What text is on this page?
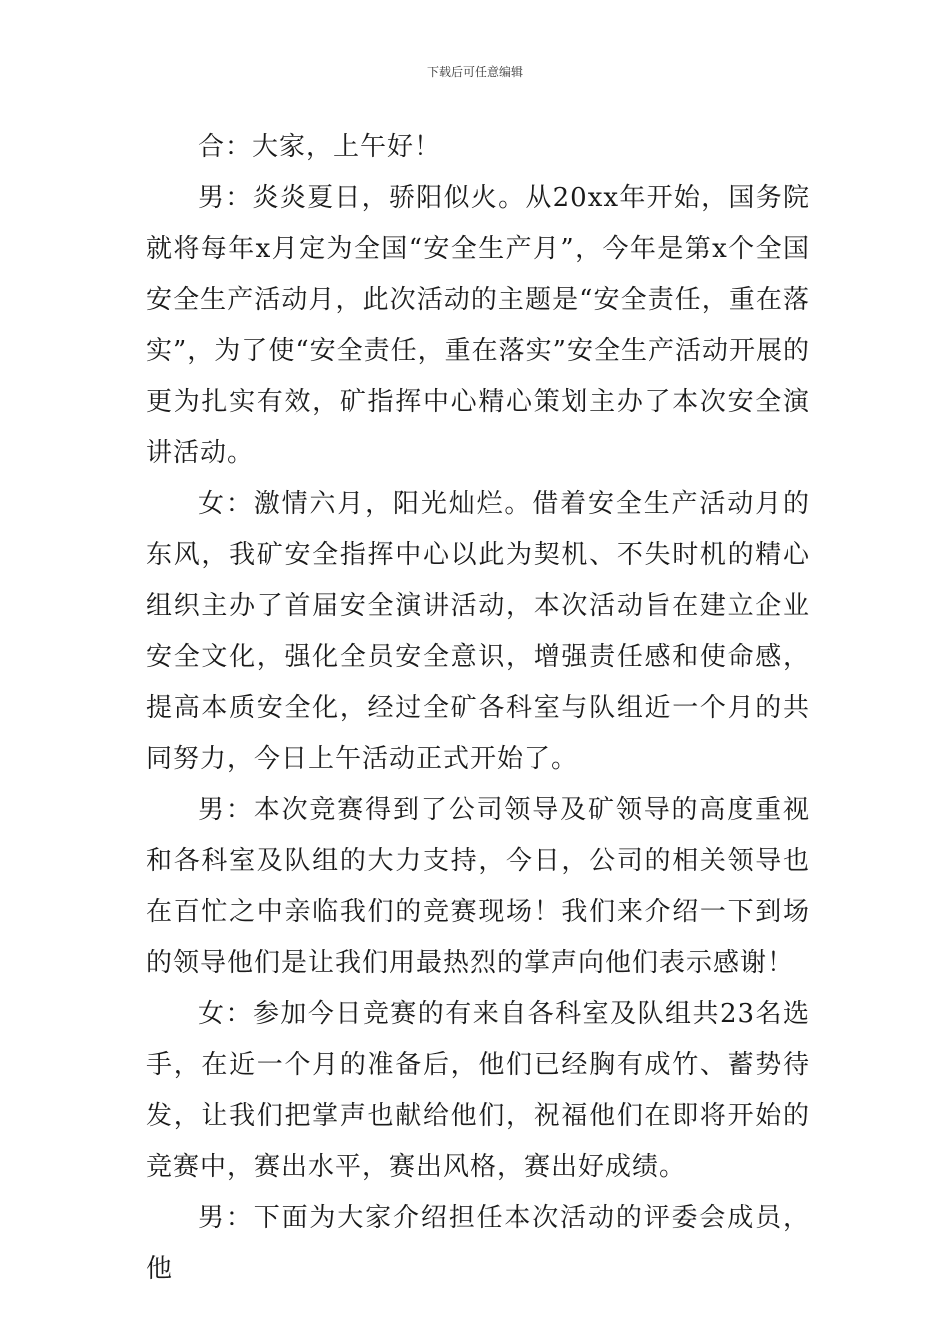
下载后可任意编辑

合：大家，上午好！

男：炎炎夏日，骄阳似火。从20xx年开始，国务院就将每年x月定为全国“安全生产月”，今年是第x个全国安全生产活动月，此次活动的主题是“安全责任，重在落实”，为了使“安全责任，重在落实”安全生产活动开展的更为扎实有效，矿指挥中心精心策划主办了本次安全演讲活动。

女：激情六月，阳光灿烂。借着安全生产活动月的东风，我矿安全指挥中心以此为契机、不失时机的精心组织主办了首届安全演讲活动，本次活动旨在建立企业安全文化，强化全员安全意识，增强责任感和使命感，提高本质安全化，经过全矿各科室与队组近一个月的共同努力，今日上午活动正式开始了。

男：本次竞赛得到了公司领导及矿领导的高度重视和各科室及队组的大力支持，今日，公司的相关领导也在百忙之中亲临我们的竞赛现场！我们来介绍一下到场的领导他们是让我们用最热烈的掌声向他们表示感谢！

女：参加今日竞赛的有来自各科室及队组共23名选手，在近一个月的准备后，他们已经胸有成竹、蓄势待发，让我们把掌声也献给他们，祝福他们在即将开始的竞赛中，赛出水平，赛出风格，赛出好成绩。

男：下面为大家介绍担任本次活动的评委会成员，他
